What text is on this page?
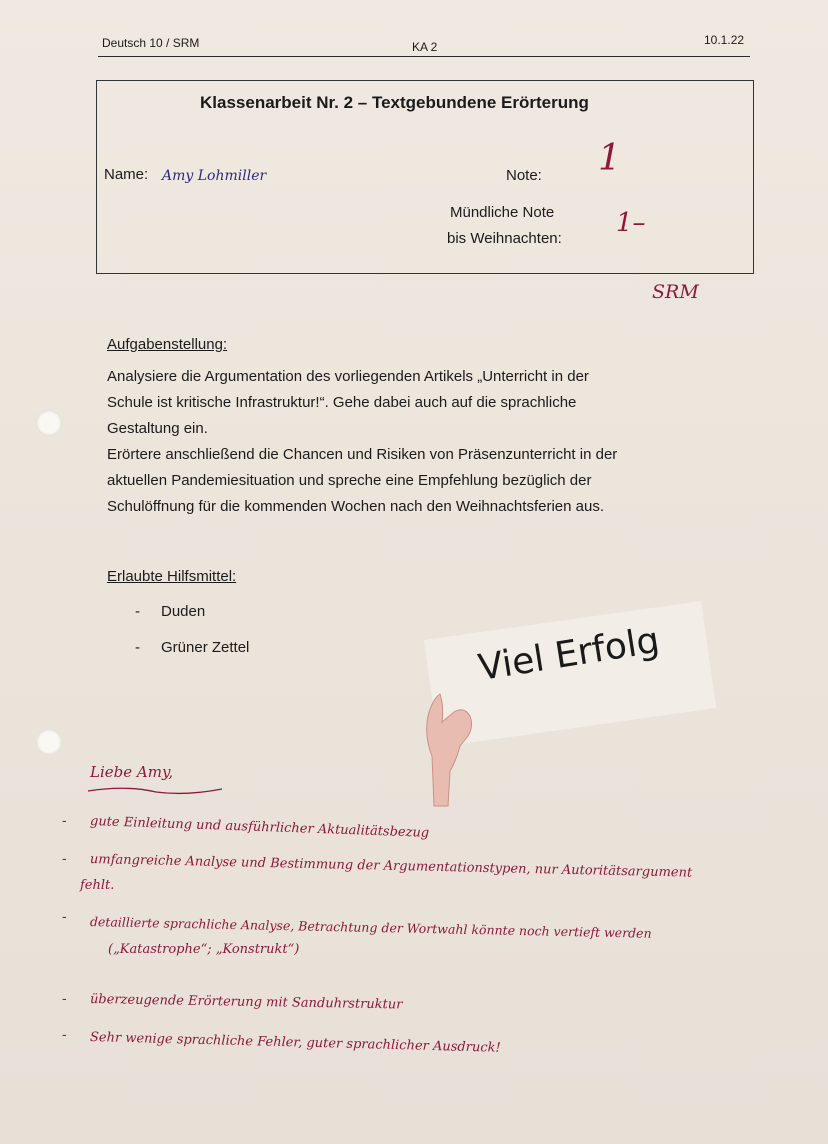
Deutsch 10 / SRM	KA 2	10.1.22
Klassenarbeit Nr. 2 – Textgebundene Erörterung
Name: Amy Lohmiller	Note: 1
Mündliche Note
bis Weihnachten:
1–
SRM
Aufgabenstellung:
Analysiere die Argumentation des vorliegenden Artikels „Unterricht in der
Schule ist kritische Infrastruktur!“. Gehe dabei auch auf die sprachliche
Gestaltung ein.
Erörtere anschließend die Chancen und Risiken von Präsenzunterricht in der
aktuellen Pandemiesituation und spreche eine Empfehlung bezüglich der
Schulöffnung für die kommenden Wochen nach den Weihnachtsferien aus.
Erlaubte Hilfsmittel:
- Duden
- Grüner Zettel	Viel Erfolg
Liebe Amy,
- gute Einleitung und ausführlicher Aktualitätsbezug
- umfangreiche Analyse und Bestimmung der Argumentationstypen, nur Autoritätsargument
fehlt.
- detaillierte sprachliche Analyse, Betrachtung der Wortwahl könnte noch vertieft werden
(„Katastrophe“; „Konstrukt“)
- überzeugende Erörterung mit Sanduhrstruktur
- Sehr wenige sprachliche Fehler, guter sprachlicher Ausdruck!
